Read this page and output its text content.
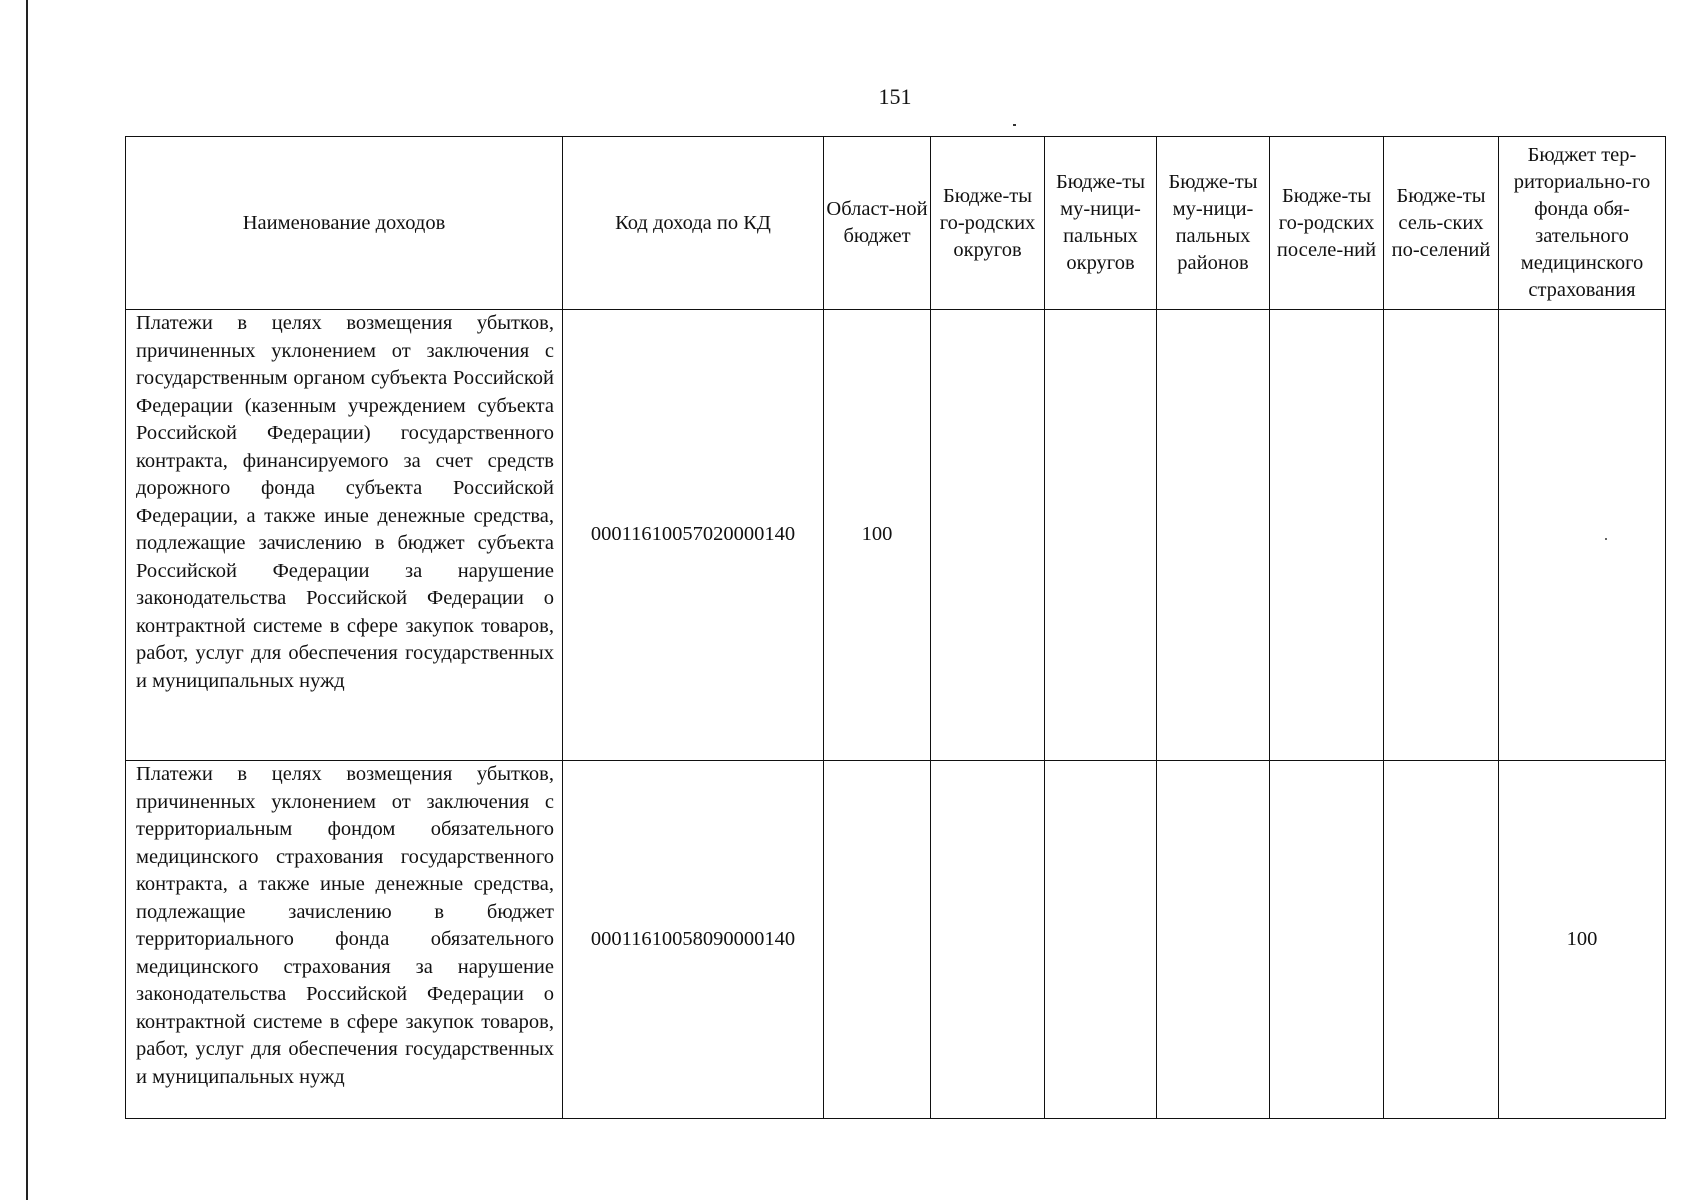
151
Наименование доходов	Код дохода по КД	Област-ной бюджет	Бюдже-ты го-родских округов	Бюдже-ты му-ници-пальных округов	Бюдже-ты му-ници-пальных районов	Бюдже-ты го-родских поселе-ний	Бюдже-ты сель-ских по-селений	Бюджет тер-риториально-го фонда обя-зательного медицинского страхования
Платежи в целях возмещения убытков, причиненных уклонением от заключения с государственным органом субъекта Российской Федерации (казенным учреждением субъекта Российской Федерации) государственного контракта, финансируемого за счет средств дорожного фонда субъекта Российской Федерации, а также иные денежные средства, подлежащие зачислению в бюджет субъекта Российской Федерации за нарушение законодательства Российской Федерации о контрактной системе в сфере закупок товаров, работ, услуг для обеспечения государственных и муниципальных нужд	00011610057020000140	100						
Платежи в целях возмещения убытков, причиненных уклонением от заключения с территориальным фондом обязательного медицинского страхования государственного контракта, а также иные денежные средства, подлежащие зачислению в бюджет территориального фонда обязательного медицинского страхования за нарушение законодательства Российской Федерации о контрактной системе в сфере закупок товаров, работ, услуг для обеспечения государственных и муниципальных нужд	00011610058090000140							100
